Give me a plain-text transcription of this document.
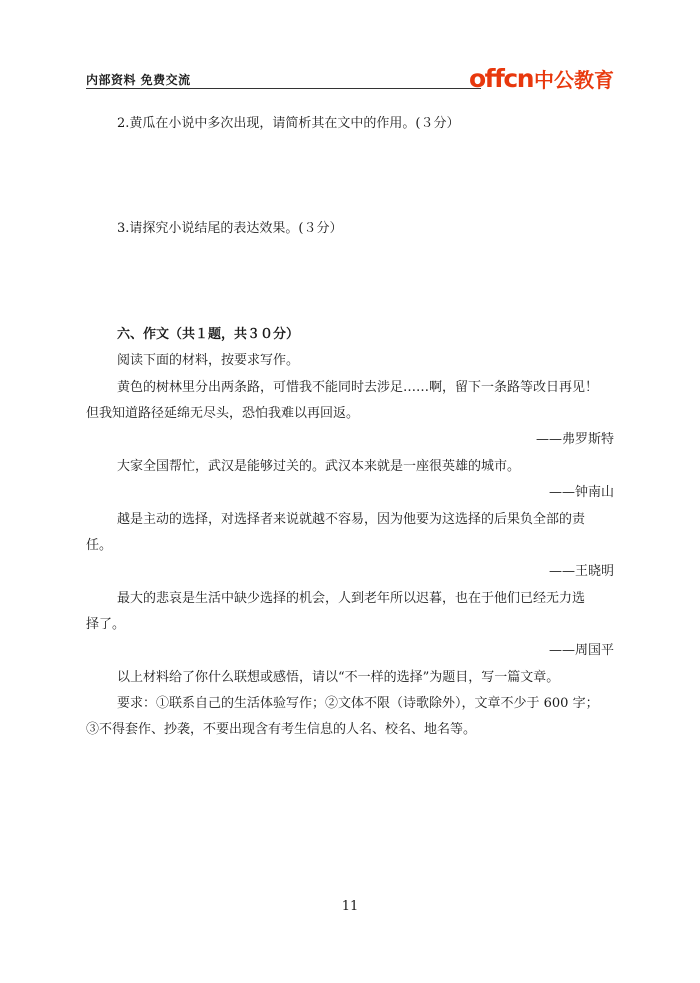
内部资料 免费交流	offcn中公教育
2.黄瓜在小说中多次出现，请简析其在文中的作用。(３分）
3.请探究小说结尾的表达效果。(３分）
六、作文（共１题，共３０分）
阅读下面的材料，按要求写作。
黄色的树林里分出两条路，可惜我不能同时去涉足……啊，留下一条路等改日再见！
但我知道路径延绵无尽头，恐怕我难以再回返。
——弗罗斯特
大家全国帮忙，武汉是能够过关的。武汉本来就是一座很英雄的城市。
——钟南山
越是主动的选择，对选择者来说就越不容易，因为他要为这选择的后果负全部的责
任。
——王晓明
最大的悲哀是生活中缺少选择的机会，人到老年所以迟暮，也在于他们已经无力选
择了。
——周国平
以上材料给了你什么联想或感悟，请以“不一样的选择”为题目，写一篇文章。
要求：①联系自己的生活体验写作；②文体不限（诗歌除外），文章不少于 600 字；
③不得套作、抄袭，不要出现含有考生信息的人名、校名、地名等。
11
